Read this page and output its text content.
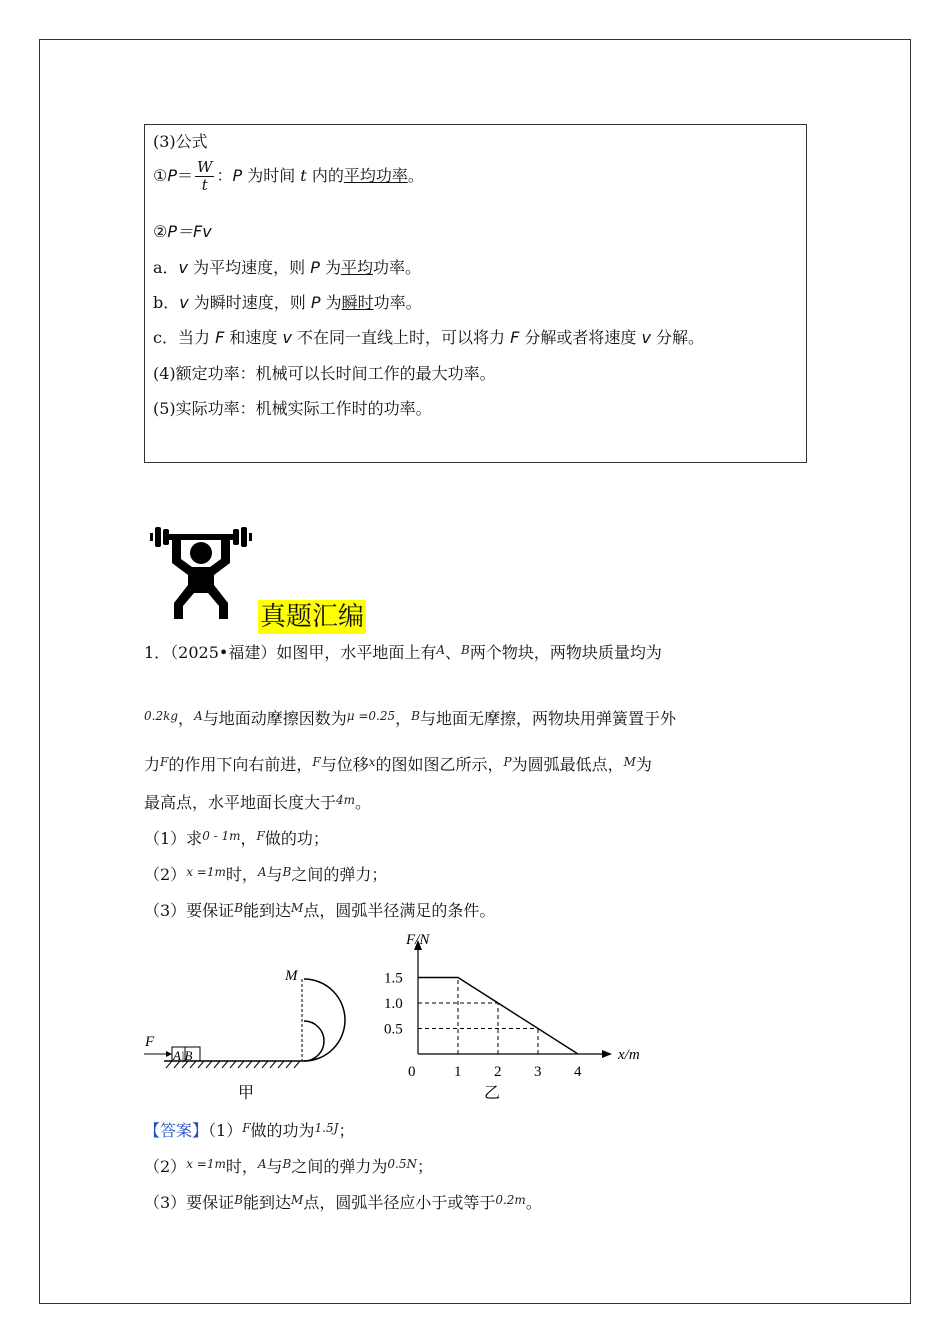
(3)公式
①P＝ $\frac{W}{t}$ ：P 为时间 t 内的平均功率。
②P＝Fv
a．v 为平均速度，则 P 为平均功率。
b．v 为瞬时速度，则 P 为瞬时功率。
c．当力 F 和速度 v 不在同一直线上时，可以将力 F 分解或者将速度 v 分解。
(4)额定功率：机械可以长时间工作的最大功率。
(5)实际功率：机械实际工作时的功率。
真题汇编
1．（2025•福建）如图甲，水平地面上有$^A$、$^B$两个物块，两物块质量均为
$^{0.2kg}$，$^A$与地面动摩擦因数为$^{\mu =0.25}$，$^B$与地面无摩擦，两物块用弹簧置于外
力$^F$的作用下向右前进，$^F$与位移$^x$的图如图乙所示，$^P$为圆弧最低点，$^M$为
最高点，水平地面长度大于$^{4m}$。
（1）求$^{0 - 1m}$，$^F$做的功；
$(2)^{x =1m}$时，$^A$与$^B$之间的弹力；
（3）要保证$^B$能到达$^M$点，圆弧半径满足的条件。
F
A|B
M
甲
F/N
x/m
1.5
1.0
0.5
0	1 2 3 4
乙
【答案】$(1)^F$做的功为$^{1.5J}$；
$(2)^{x =1m}$时，$^A$与$^B$之间的弹力为$^{0.5N}$；
（3）要保证$^B$能到达$^M$点，圆弧半径应小于或等于$^{0.2m}$。
